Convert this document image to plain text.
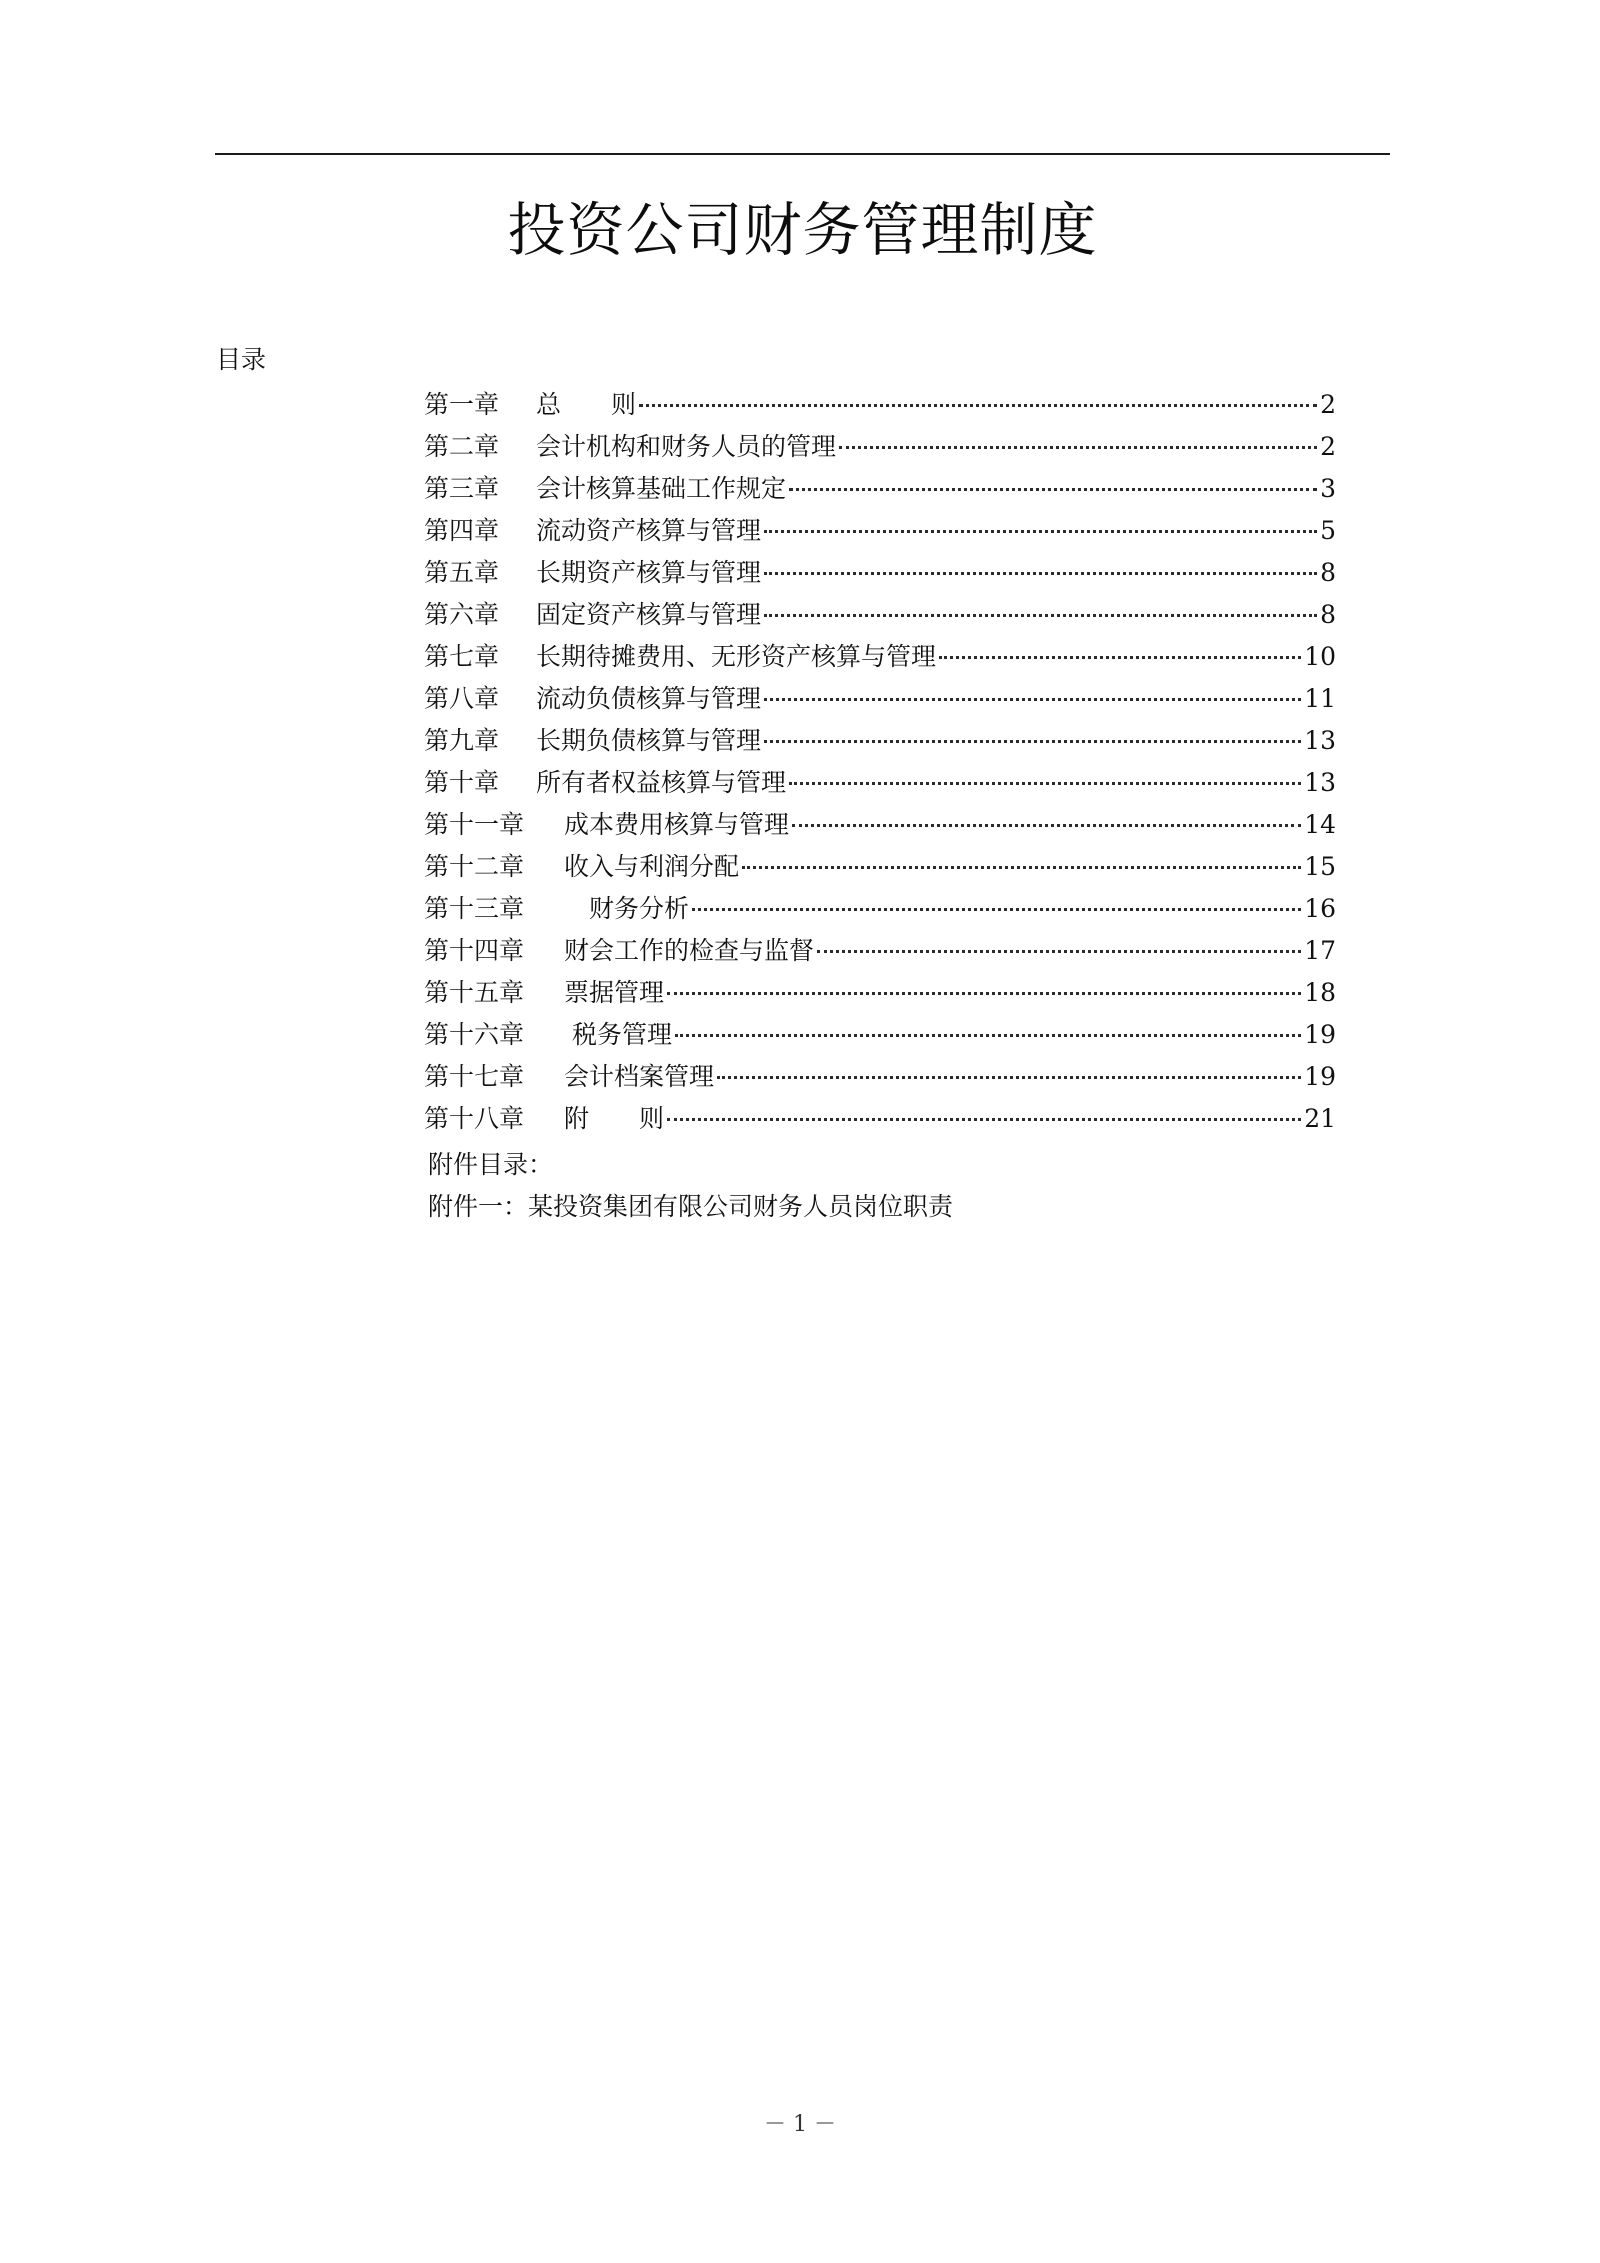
投资公司财务管理制度
目录
第一章	总　　则	2
第二章	会计机构和财务人员的管理	2
第三章	会计核算基础工作规定	3
第四章	流动资产核算与管理	5
第五章	长期资产核算与管理	8
第六章	固定资产核算与管理	8
第七章	长期待摊费用、无形资产核算与管理	10
第八章	流动负债核算与管理	11
第九章	长期负债核算与管理	13
第十章	所有者权益核算与管理	13
第十一章	成本费用核算与管理	14
第十二章	收入与利润分配	15
第十三章	　财务分析	16
第十四章	财会工作的检查与监督	17
第十五章	票据管理	18
第十六章	税务管理	19
第十七章	会计档案管理	19
第十八章	附　　则	21
附件目录：
附件一：某投资集团有限公司财务人员岗位职责
－ 1 －
